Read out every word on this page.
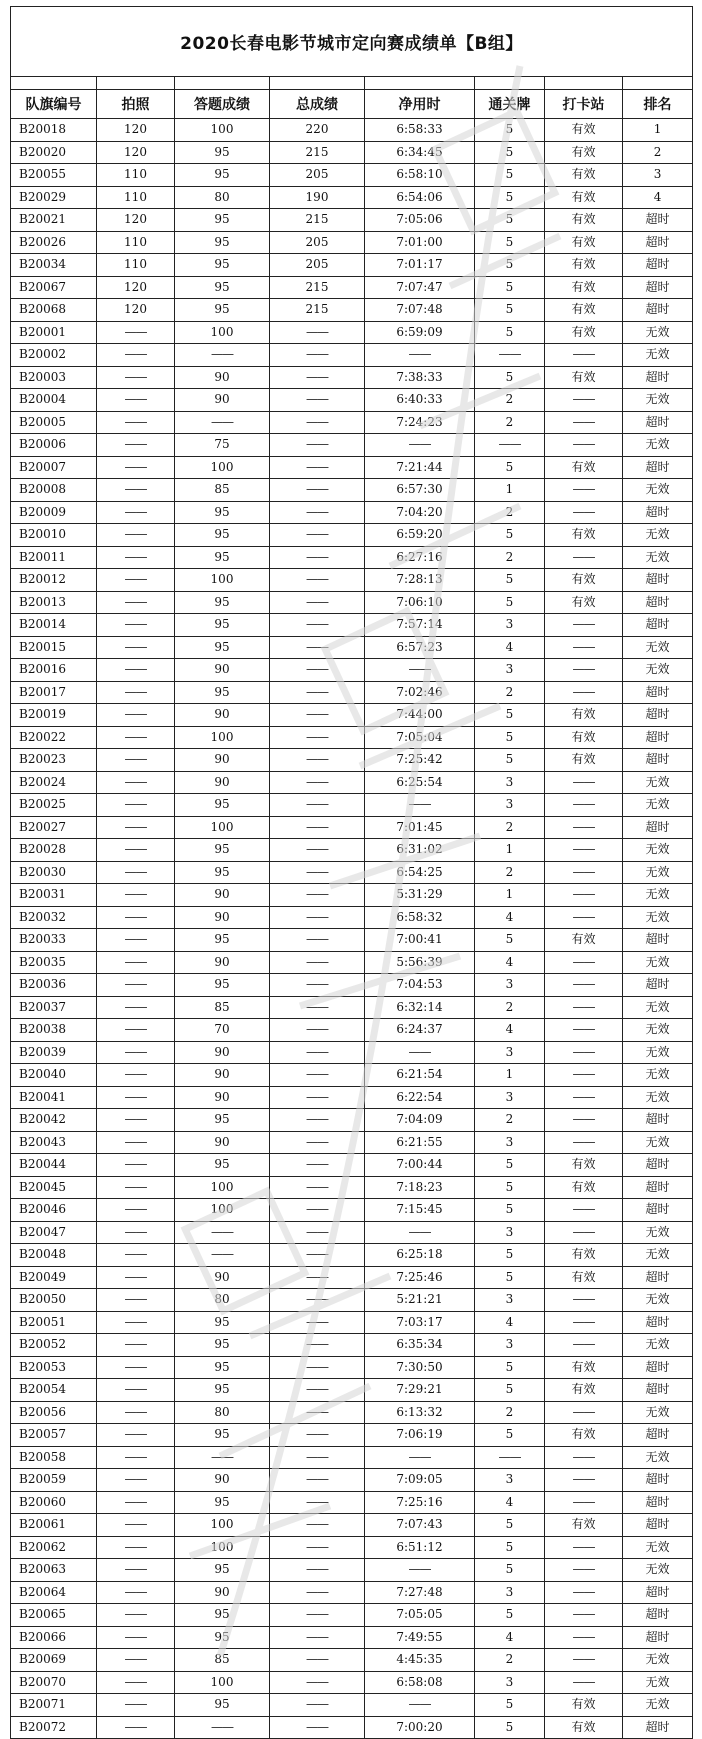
2020长春电影节城市定向赛成绩单【B组】							

队旗编号	拍照	答题成绩	总成绩	净用时	通关牌	打卡站	排名
B20018	120	100	220	6:58:33	5	有效	1
B20020	120	95	215	6:34:45	5	有效	2
B20055	110	95	205	6:58:10	5	有效	3
B20029	110	80	190	6:54:06	5	有效	4
B20021	120	95	215	7:05:06	5	有效	超时
B20026	110	95	205	7:01:00	5	有效	超时
B20034	110	95	205	7:01:17	5	有效	超时
B20067	120	95	215	7:07:47	5	有效	超时
B20068	120	95	215	7:07:48	5	有效	超时
B20001	——	100	——	6:59:09	5	有效	无效
B20002	——	——	——	——	——	——	无效
B20003	——	90	——	7:38:33	5	有效	超时
B20004	——	90	——	6:40:33	2	——	无效
B20005	——	——	——	7:24:23	2	——	超时
B20006	——	75	——	——	——	——	无效
B20007	——	100	——	7:21:44	5	有效	超时
B20008	——	85	——	6:57:30	1	——	无效
B20009	——	95	——	7:04:20	2	——	超时
B20010	——	95	——	6:59:20	5	有效	无效
B20011	——	95	——	6:27:16	2	——	无效
B20012	——	100	——	7:28:13	5	有效	超时
B20013	——	95	——	7:06:10	5	有效	超时
B20014	——	95	——	7:57:14	3	——	超时
B20015	——	95	——	6:57:23	4	——	无效
B20016	——	90	——	——	3	——	无效
B20017	——	95	——	7:02:46	2	——	超时
B20019	——	90	——	7:44:00	5	有效	超时
B20022	——	100	——	7:05:04	5	有效	超时
B20023	——	90	——	7:25:42	5	有效	超时
B20024	——	90	——	6:25:54	3	——	无效
B20025	——	95	——	——	3	——	无效
B20027	——	100	——	7:01:45	2	——	超时
B20028	——	95	——	6:31:02	1	——	无效
B20030	——	95	——	6:54:25	2	——	无效
B20031	——	90	——	5:31:29	1	——	无效
B20032	——	90	——	6:58:32	4	——	无效
B20033	——	95	——	7:00:41	5	有效	超时
B20035	——	90	——	5:56:39	4	——	无效
B20036	——	95	——	7:04:53	3	——	超时
B20037	——	85	——	6:32:14	2	——	无效
B20038	——	70	——	6:24:37	4	——	无效
B20039	——	90	——	——	3	——	无效
B20040	——	90	——	6:21:54	1	——	无效
B20041	——	90	——	6:22:54	3	——	无效
B20042	——	95	——	7:04:09	2	——	超时
B20043	——	90	——	6:21:55	3	——	无效
B20044	——	95	——	7:00:44	5	有效	超时
B20045	——	100	——	7:18:23	5	有效	超时
B20046	——	100	——	7:15:45	5	——	超时
B20047	——	——	——	——	3	——	无效
B20048	——	——	——	6:25:18	5	有效	无效
B20049	——	90	——	7:25:46	5	有效	超时
B20050	——	80	——	5:21:21	3	——	无效
B20051	——	95	——	7:03:17	4	——	超时
B20052	——	95	——	6:35:34	3	——	无效
B20053	——	95	——	7:30:50	5	有效	超时
B20054	——	95	——	7:29:21	5	有效	超时
B20056	——	80	——	6:13:32	2	——	无效
B20057	——	95	——	7:06:19	5	有效	超时
B20058	——	——	——	——	——	——	无效
B20059	——	90	——	7:09:05	3	——	超时
B20060	——	95	——	7:25:16	4	——	超时
B20061	——	100	——	7:07:43	5	有效	超时
B20062	——	100	——	6:51:12	5	——	无效
B20063	——	95	——	——	5	——	无效
B20064	——	90	——	7:27:48	3	——	超时
B20065	——	95	——	7:05:05	5	——	超时
B20066	——	95	——	7:49:55	4	——	超时
B20069	——	85	——	4:45:35	2	——	无效
B20070	——	100	——	6:58:08	3	——	无效
B20071	——	95	——	——	5	有效	无效
B20072	——	——	——	7:00:20	5	有效	超时
